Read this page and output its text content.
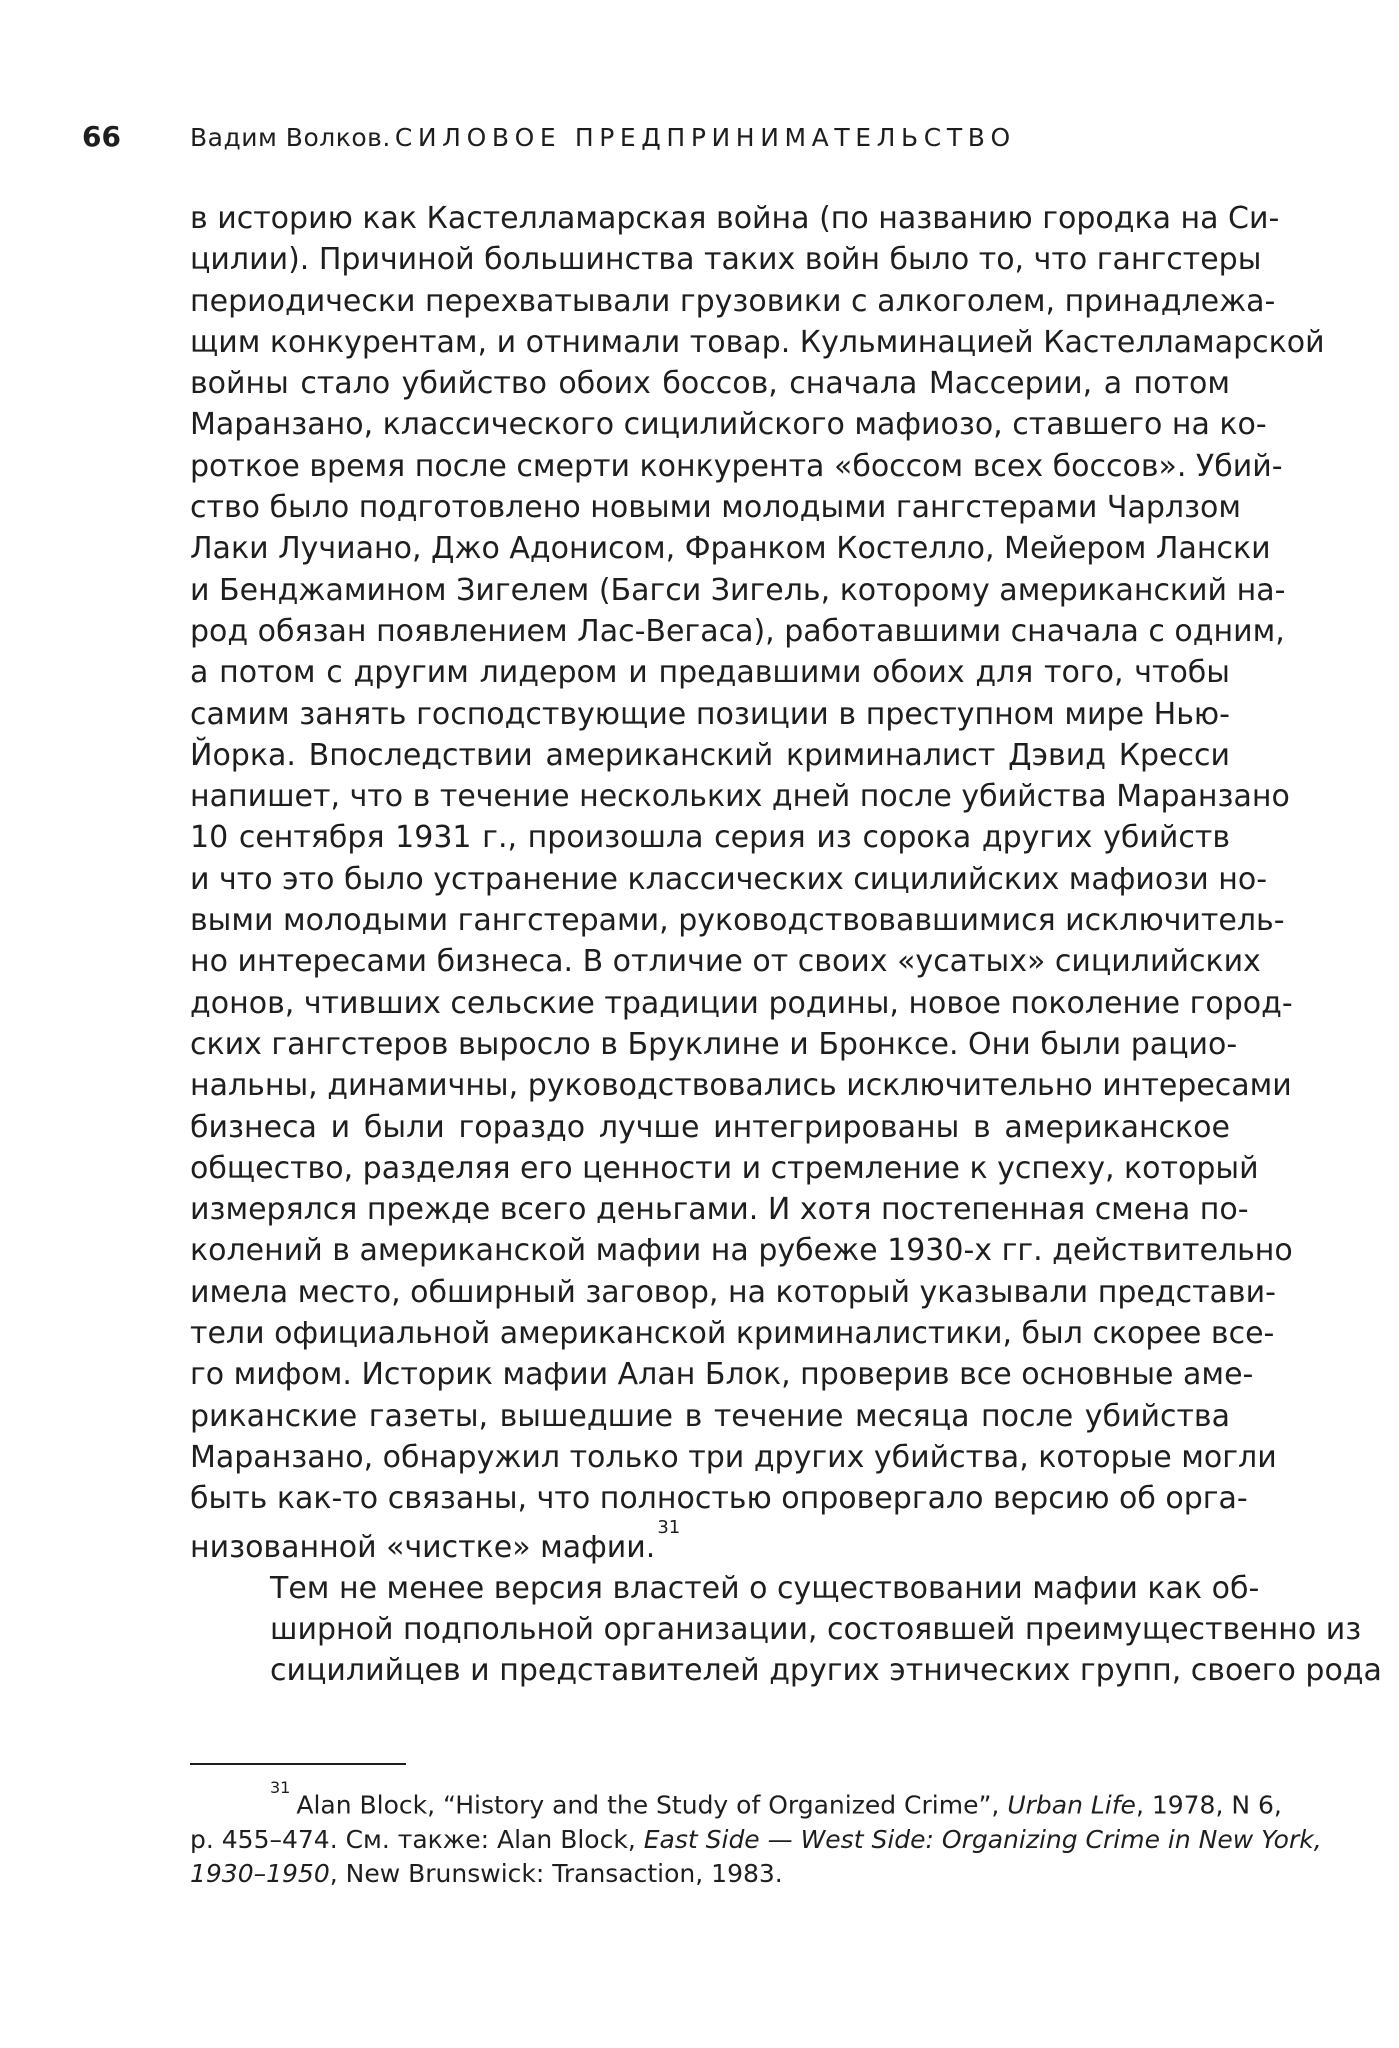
66	Вадим Волков. СИЛОВОЕ ПРЕДПРИНИМАТЕЛЬСТВО
в историю как Кастелламарская война (по названию городка на Си-
цилии). Причиной большинства таких войн было то, что гангстеры
периодически перехватывали грузовики с алкоголем, принадлежа-
щим конкурентам, и отнимали товар. Кульминацией Кастелламарской
войны стало убийство обоих боссов, сначала Массерии, а потом
Маранзано, классического сицилийского мафиозо, ставшего на ко-
роткое время после смерти конкурента «боссом всех боссов». Убий-
ство было подготовлено новыми молодыми гангстерами Чарлзом
Лаки Лучиано, Джо Адонисом, Франком Костелло, Мейером Лански
и Бенджамином Зигелем (Багси Зигель, которому американский на-
род обязан появлением Лас-Вегаса), работавшими сначала с одним,
а потом с другим лидером и предавшими обоих для того, чтобы
самим занять господствующие позиции в преступном мире Нью-
Йорка. Впоследствии американский криминалист Дэвид Кресси
напишет, что в течение нескольких дней после убийства Маранзано
10 сентября 1931 г., произошла серия из сорока других убийств
и что это было устранение классических сицилийских мафиози но-
выми молодыми гангстерами, руководствовавшимися исключитель-
но интересами бизнеса. В отличие от своих «усатых» сицилийских
донов, чтивших сельские традиции родины, новое поколение город-
ских гангстеров выросло в Бруклине и Бронксе. Они были рацио-
нальны, динамичны, руководствовались исключительно интересами
бизнеса и были гораздо лучше интегрированы в американское
общество, разделяя его ценности и стремление к успеху, который
измерялся прежде всего деньгами. И хотя постепенная смена по-
колений в американской мафии на рубеже 1930-х гг. действительно
имела место, обширный заговор, на который указывали представи-
тели официальной американской криминалистики, был скорее все-
го мифом. Историк мафии Алан Блок, проверив все основные аме-
риканские газеты, вышедшие в течение месяца после убийства
Маранзано, обнаружил только три других убийства, которые могли
быть как-то связаны, что полностью опровергало версию об орга-
низованной «чистке» мафии.$^{31}$
Тем не менее версия властей о существовании мафии как об-
ширной подпольной организации, состоявшей преимущественно из
сицилийцев и представителей других этнических групп, своего рода
$^{31}$Alan Block, “History and the Study of Organized Crime”, Urban Life, 1978, N 6,
p. 455–474. См. также: Alan Block, East Side — West Side: Organizing Crime in New York,
1930–1950, New Brunswick: Transaction, 1983.
